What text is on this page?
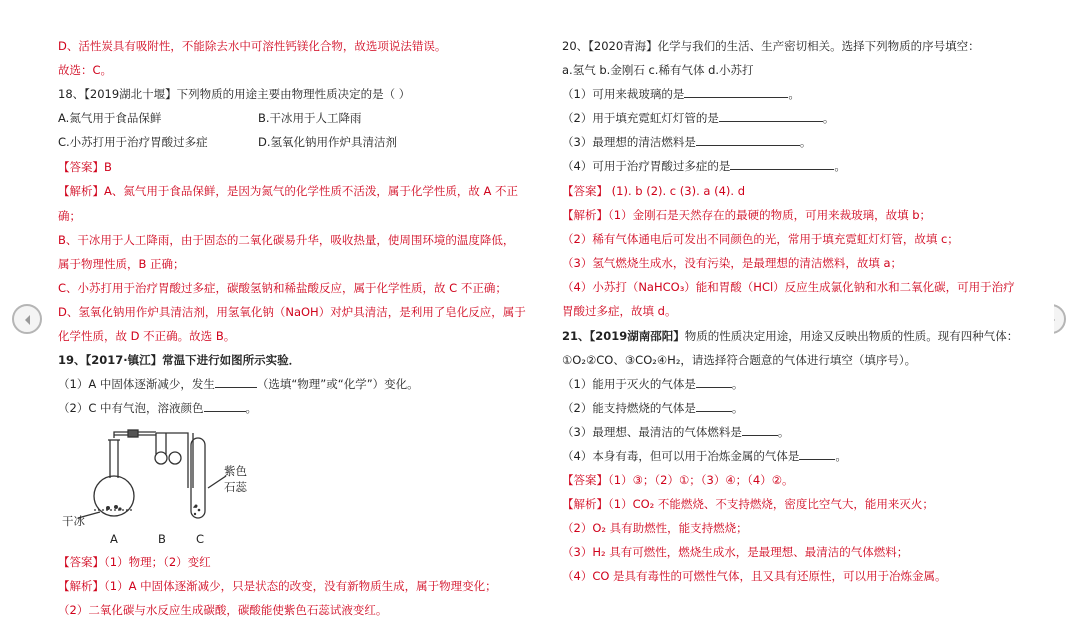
D、活性炭具有吸附性，不能除去水中可溶性钙镁化合物，故选项说法错误。
故选：C。
18、【2019湖北十堰】下列物质的用途主要由物理性质决定的是（ ）
A.氮气用于食品保鲜	B.干冰用于人工降雨
C.小苏打用于治疗胃酸过多症	D.氢氧化钠用作炉具清洁剂
【答案】B
【解析】A、氮气用于食品保鲜，是因为氮气的化学性质不活泼，属于化学性质，故 A 不正
确；
B、干冰用于人工降雨，由于固态的二氧化碳易升华，吸收热量，使周围环境的温度降低，
属于物理性质，B 正确；
C、小苏打用于治疗胃酸过多症，碳酸氢钠和稀盐酸反应，属于化学性质，故 C 不正确；
D、氢氧化钠用作炉具清洁剂，用氢氧化钠（NaOH）对炉具清洁，是利用了皂化反应，属于
化学性质，故 D 不正确。故选 B。
19、【2017·镇江】常温下进行如图所示实验．
（1）A 中固体逐渐减少，发生	（选填“物理”或“化学”）变化。
（2）C 中有气泡，溶液颜色	。
干冰
紫色
石蕊
A	B	C
【答案】（1）物理；（2）变红
【解析】（1）A 中固体逐渐减少，只是状态的改变，没有新物质生成，属于物理变化；
（2）二氧化碳与水反应生成碳酸，碳酸能使紫色石蕊试液变红。
20、【2020青海】化学与我们的生活、生产密切相关。选择下列物质的序号填空：
a.氢气 b.金刚石 c.稀有气体 d.小苏打
（1）可用来裁玻璃的是	。
（2）用于填充霓虹灯灯管的是	。
（3）最理想的清洁燃料是	。
（4）可用于治疗胃酸过多症的是	。
【答案】 (1). b (2). c (3). a (4). d
【解析】（1）金刚石是天然存在的最硬的物质，可用来裁玻璃，故填 b；
（2）稀有气体通电后可发出不同颜色的光，常用于填充霓虹灯灯管，故填 c；
（3）氢气燃烧生成水，没有污染，是最理想的清洁燃料，故填 a；
（4）小苏打（NaHCO₃）能和胃酸（HCl）反应生成氯化钠和水和二氧化碳，可用于治疗
胃酸过多症，故填 d。
21、【2019湖南邵阳】物质的性质决定用途，用途又反映出物质的性质。现有四种气体：
①O₂②CO、③CO₂④H₂，请选择符合题意的气体进行填空（填序号）。
（1）能用于灭火的气体是	。
（2）能支持燃烧的气体是	。
（3）最理想、最清洁的气体燃料是	。
（4）本身有毒，但可以用于冶炼金属的气体是	。
【答案】（1）③；（2）①；（3）④；（4）②。
【解析】（1）CO₂ 不能燃烧、不支持燃烧，密度比空气大，能用来灭火；
（2）O₂ 具有助燃性，能支持燃烧；
（3）H₂ 具有可燃性，燃烧生成水，是最理想、最清洁的气体燃料；
（4）CO 是具有毒性的可燃性气体，且又具有还原性，可以用于冶炼金属。
